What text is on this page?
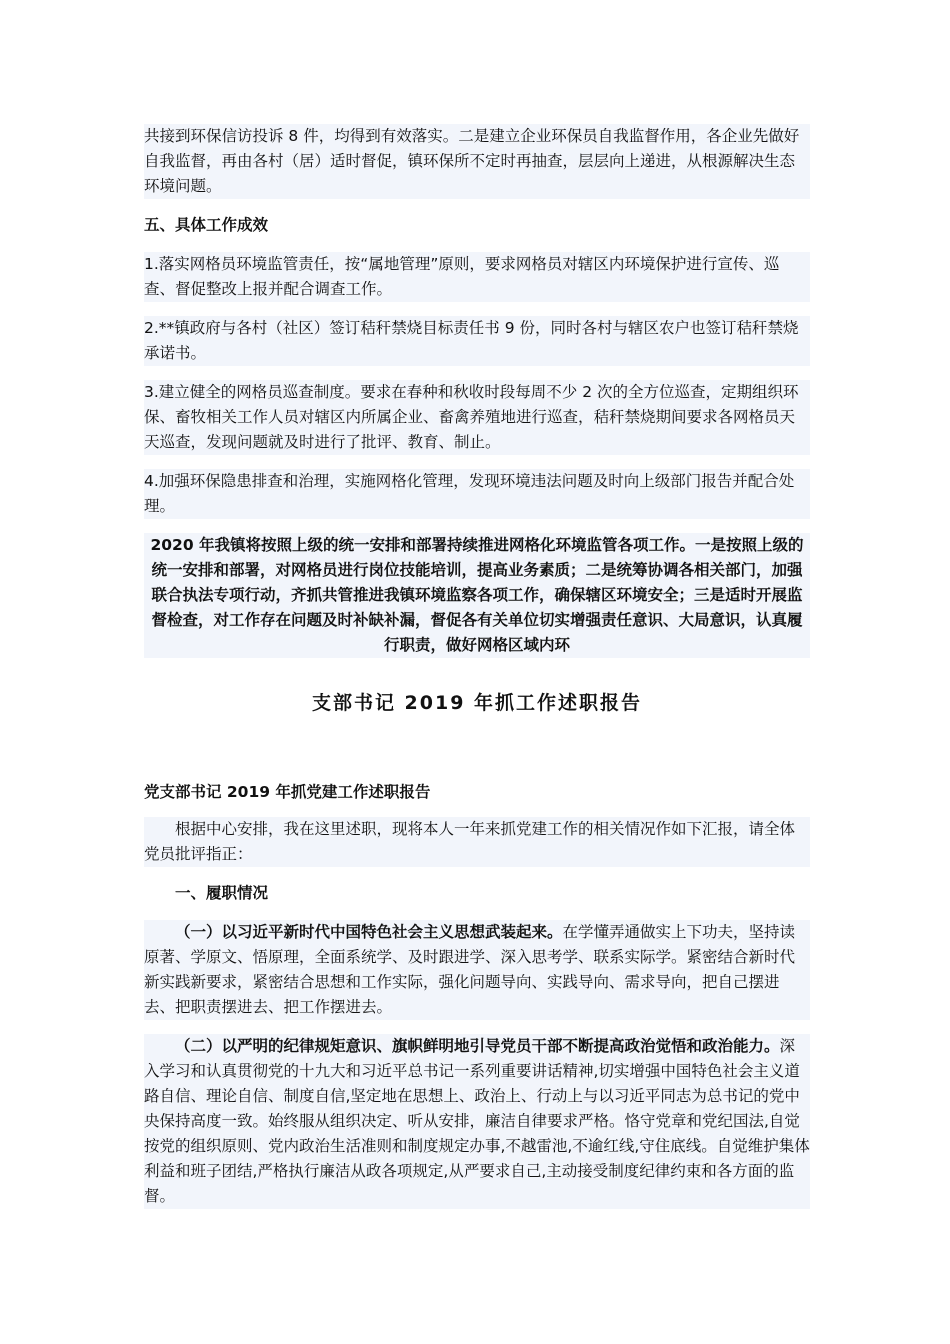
共接到环保信访投诉 8 件，均得到有效落实。二是建立企业环保员自我监督作用，各企业先做好自我监督，再由各村（居）适时督促，镇环保所不定时再抽查，层层向上递进，从根源解决生态环境问题。

五、具体工作成效

1.落实网格员环境监管责任，按“属地管理”原则，要求网格员对辖区内环境保护进行宣传、巡查、督促整改上报并配合调查工作。

2.**镇政府与各村（社区）签订秸秆禁烧目标责任书 9 份，同时各村与辖区农户也签订秸秆禁烧承诺书。

3.建立健全的网格员巡查制度。要求在春种和秋收时段每周不少 2 次的全方位巡查，定期组织环保、畜牧相关工作人员对辖区内所属企业、畜禽养殖地进行巡查，秸秆禁烧期间要求各网格员天天巡查，发现问题就及时进行了批评、教育、制止。

4.加强环保隐患排查和治理，实施网格化管理，发现环境违法问题及时向上级部门报告并配合处理。

2020 年我镇将按照上级的统一安排和部署持续推进网格化环境监管各项工作。一是按照上级的统一安排和部署，对网格员进行岗位技能培训，提高业务素质；二是统筹协调各相关部门，加强联合执法专项行动，齐抓共管推进我镇环境监察各项工作，确保辖区环境安全；三是适时开展监督检查，对工作存在问题及时补缺补漏，督促各有关单位切实增强责任意识、大局意识，认真履行职责，做好网格区域内环

支部书记 2019 年抓工作述职报告

党支部书记 2019 年抓党建工作述职报告

根据中心安排，我在这里述职，现将本人一年来抓党建工作的相关情况作如下汇报，请全体党员批评指正：

一、履职情况

（一）以习近平新时代中国特色社会主义思想武装起来。在学懂弄通做实上下功夫，坚持读原著、学原文、悟原理，全面系统学、及时跟进学、深入思考学、联系实际学。紧密结合新时代新实践新要求，紧密结合思想和工作实际，强化问题导向、实践导向、需求导向，把自己摆进去、把职责摆进去、把工作摆进去。

（二）以严明的纪律规矩意识、旗帜鲜明地引导党员干部不断提高政治觉悟和政治能力。深入学习和认真贯彻党的十九大和习近平总书记一系列重要讲话精神,切实增强中国特色社会主义道路自信、理论自信、制度自信,坚定地在思想上、政治上、行动上与以习近平同志为总书记的党中央保持高度一致。始终服从组织决定、听从安排，廉洁自律要求严格。恪守党章和党纪国法,自觉按党的组织原则、党内政治生活准则和制度规定办事,不越雷池,不逾红线,守住底线。自觉维护集体利益和班子团结,严格执行廉洁从政各项规定,从严要求自己,主动接受制度纪律约束和各方面的监督。
